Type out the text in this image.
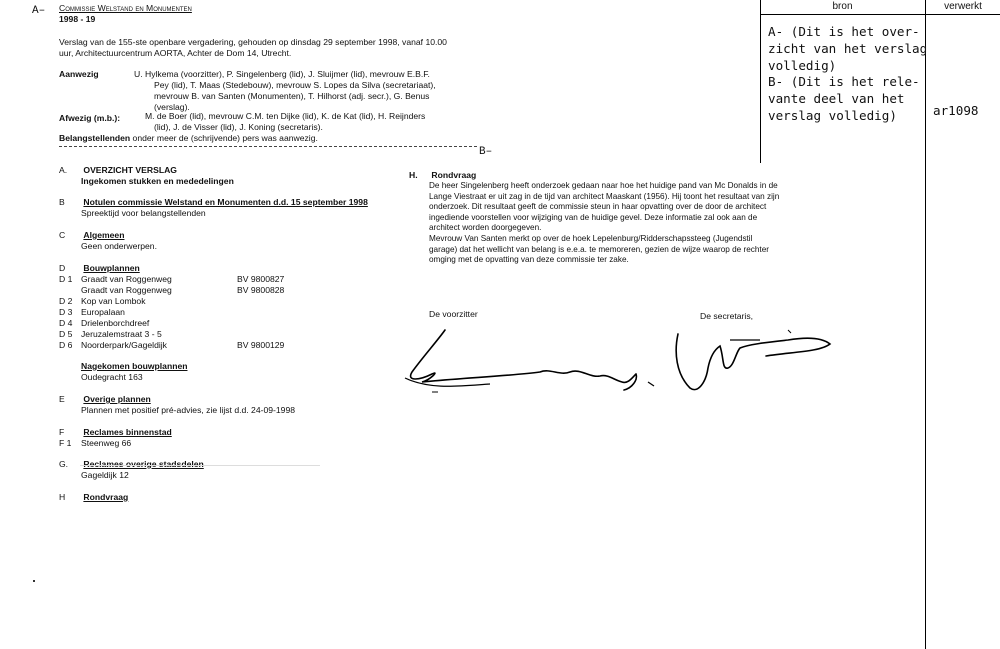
A– Commissie Welstand en Monumenten
1998 - 19
Verslag van de 155-ste openbare vergadering, gehouden op dinsdag 29 september 1998, vanaf 10.00
uur, Architectuurcentrum AORTA, Achter de Dom 14, Utrecht.
Aanwezig	U. Hylkema (voorzitter), P. Singelenberg (lid), J. Sluijmer (lid), mevrouw E.B.F.
Pey (lid), T. Maas (Stedebouw), mevrouw S. Lopes da Silva (secretariaat),
mevrouw B. van Santen (Monumenten), T. Hilhorst (adj. secr.), G. Benus
(verslag).
Afwezig (m.b.):	M. de Boer (lid), mevrouw C.M. ten Dijke (lid), K. de Kat (lid), H. Reijnders
(lid), J. de Visser (lid), J. Koning (secretaris).
Belangstellenden onder meer de (schrijvende) pers was aanwezig.
B–
A. OVERZICHT VERSLAG
Ingekomen stukken en mededelingen
B Notulen commissie Welstand en Monumenten d.d. 15 september 1998
Spreektijd voor belangstellenden
C Algemeen
Geen onderwerpen.
D Bouwplannen
D 1 Graadt van Roggenweg	BV 9800827
Graadt van Roggenweg	BV 9800828
D 2 Kop van Lombok
D 3 Europalaan
D 4 Drielenborchdreef
D 5 Jeruzalemstraat 3 - 5
D 6 Noorderpark/Gageldijk	BV 9800129
Nagekomen bouwplannen
Oudegracht 163
E Overige plannen
Plannen met positief pré-advies, zie lijst d.d. 24-09-1998
F Reclames binnenstad
F 1 Steenweg 66
G. Reclames overige stadsdelen
Gageldijk 12
H Rondvraag
H. Rondvraag
De heer Singelenberg heeft onderzoek gedaan naar hoe het huidige pand van Mc Donalds in de
Lange Viestraat er uit zag in de tijd van architect Maaskant (1956). Hij toont het resultaat van zijn
onderzoek. Dit resultaat geeft de commissie steun in haar opvatting over de door de architect
ingediende voorstellen voor wijziging van de huidige gevel. Deze informatie zal ook aan de
architect worden doorgegeven.
Mevrouw Van Santen merkt op over de hoek Lepelenburg/Ridderschapssteeg (Jugendstil
garage) dat het wellicht van belang is e.e.a. te memoreren, gezien de wijze waarop de rechter
omging met de opvatting van deze commissie ter zake.
De voorzitter	De secretaris,
bron	verwerkt
A- (Dit is het over-
zicht van het verslag
volledig)
B- (Dit is het rele-
vante deel van het
verslag volledig)	ar1098
